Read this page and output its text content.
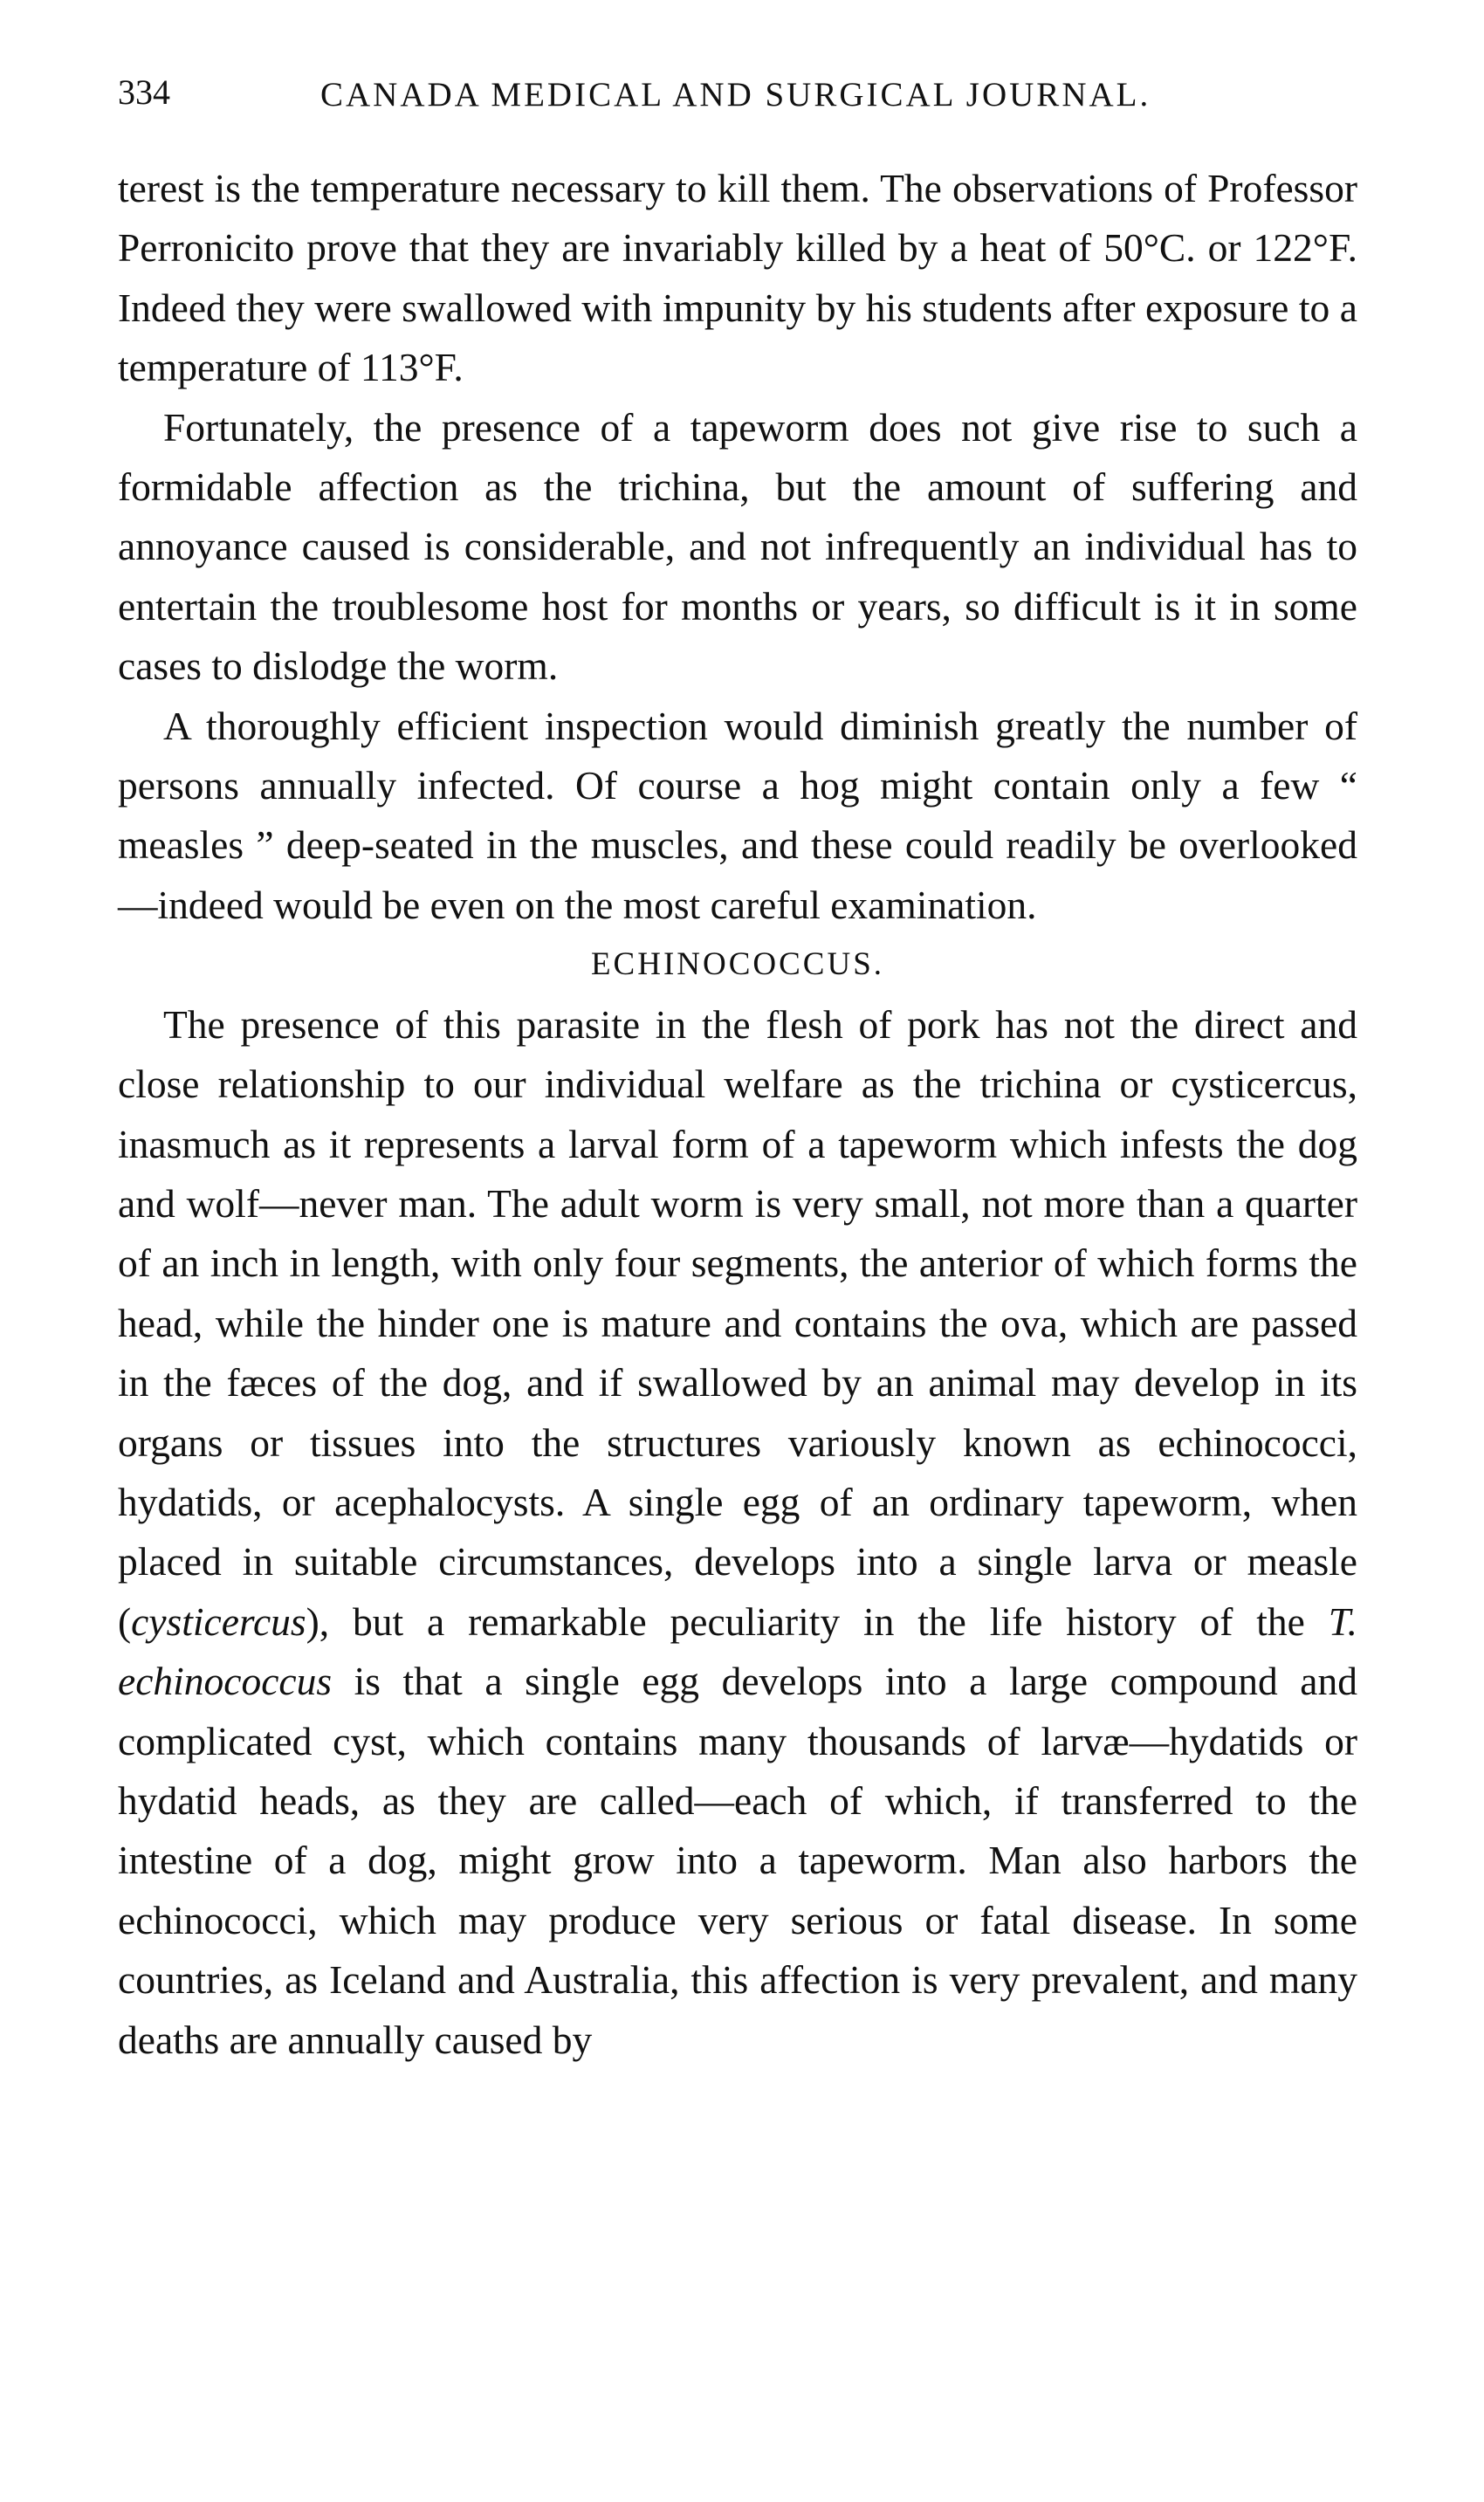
334	CANADA MEDICAL AND SURGICAL JOURNAL.

terest is the temperature necessary to kill them. The observations of Professor Perronicito prove that they are invariably killed by a heat of 50°C. or 122°F. Indeed they were swallowed with impunity by his students after exposure to a temperature of 113°F.

Fortunately, the presence of a tapeworm does not give rise to such a formidable affection as the trichina, but the amount of suffering and annoyance caused is considerable, and not infrequently an individual has to entertain the troublesome host for months or years, so difficult is it in some cases to dislodge the worm.

A thoroughly efficient inspection would diminish greatly the number of persons annually infected. Of course a hog might contain only a few “ measles ” deep-seated in the muscles, and these could readily be overlooked—indeed would be even on the most careful examination.

ECHINOCOCCUS.

The presence of this parasite in the flesh of pork has not the direct and close relationship to our individual welfare as the trichina or cysticercus, inasmuch as it represents a larval form of a tapeworm which infests the dog and wolf—never man. The adult worm is very small, not more than a quarter of an inch in length, with only four segments, the anterior of which forms the head, while the hinder one is mature and contains the ova, which are passed in the fæces of the dog, and if swallowed by an animal may develop in its organs or tissues into the structures variously known as echinococci, hydatids, or acephalocysts. A single egg of an ordinary tapeworm, when placed in suitable circumstances, develops into a single larva or measle (cysticercus), but a remarkable peculiarity in the life history of the T. echinococcus is that a single egg develops into a large compound and complicated cyst, which contains many thousands of larvæ—hydatids or hydatid heads, as they are called—each of which, if transferred to the intestine of a dog, might grow into a tapeworm. Man also harbors the echinococci, which may produce very serious or fatal disease. In some countries, as Iceland and Australia, this affection is very prevalent, and many deaths are annually caused by
